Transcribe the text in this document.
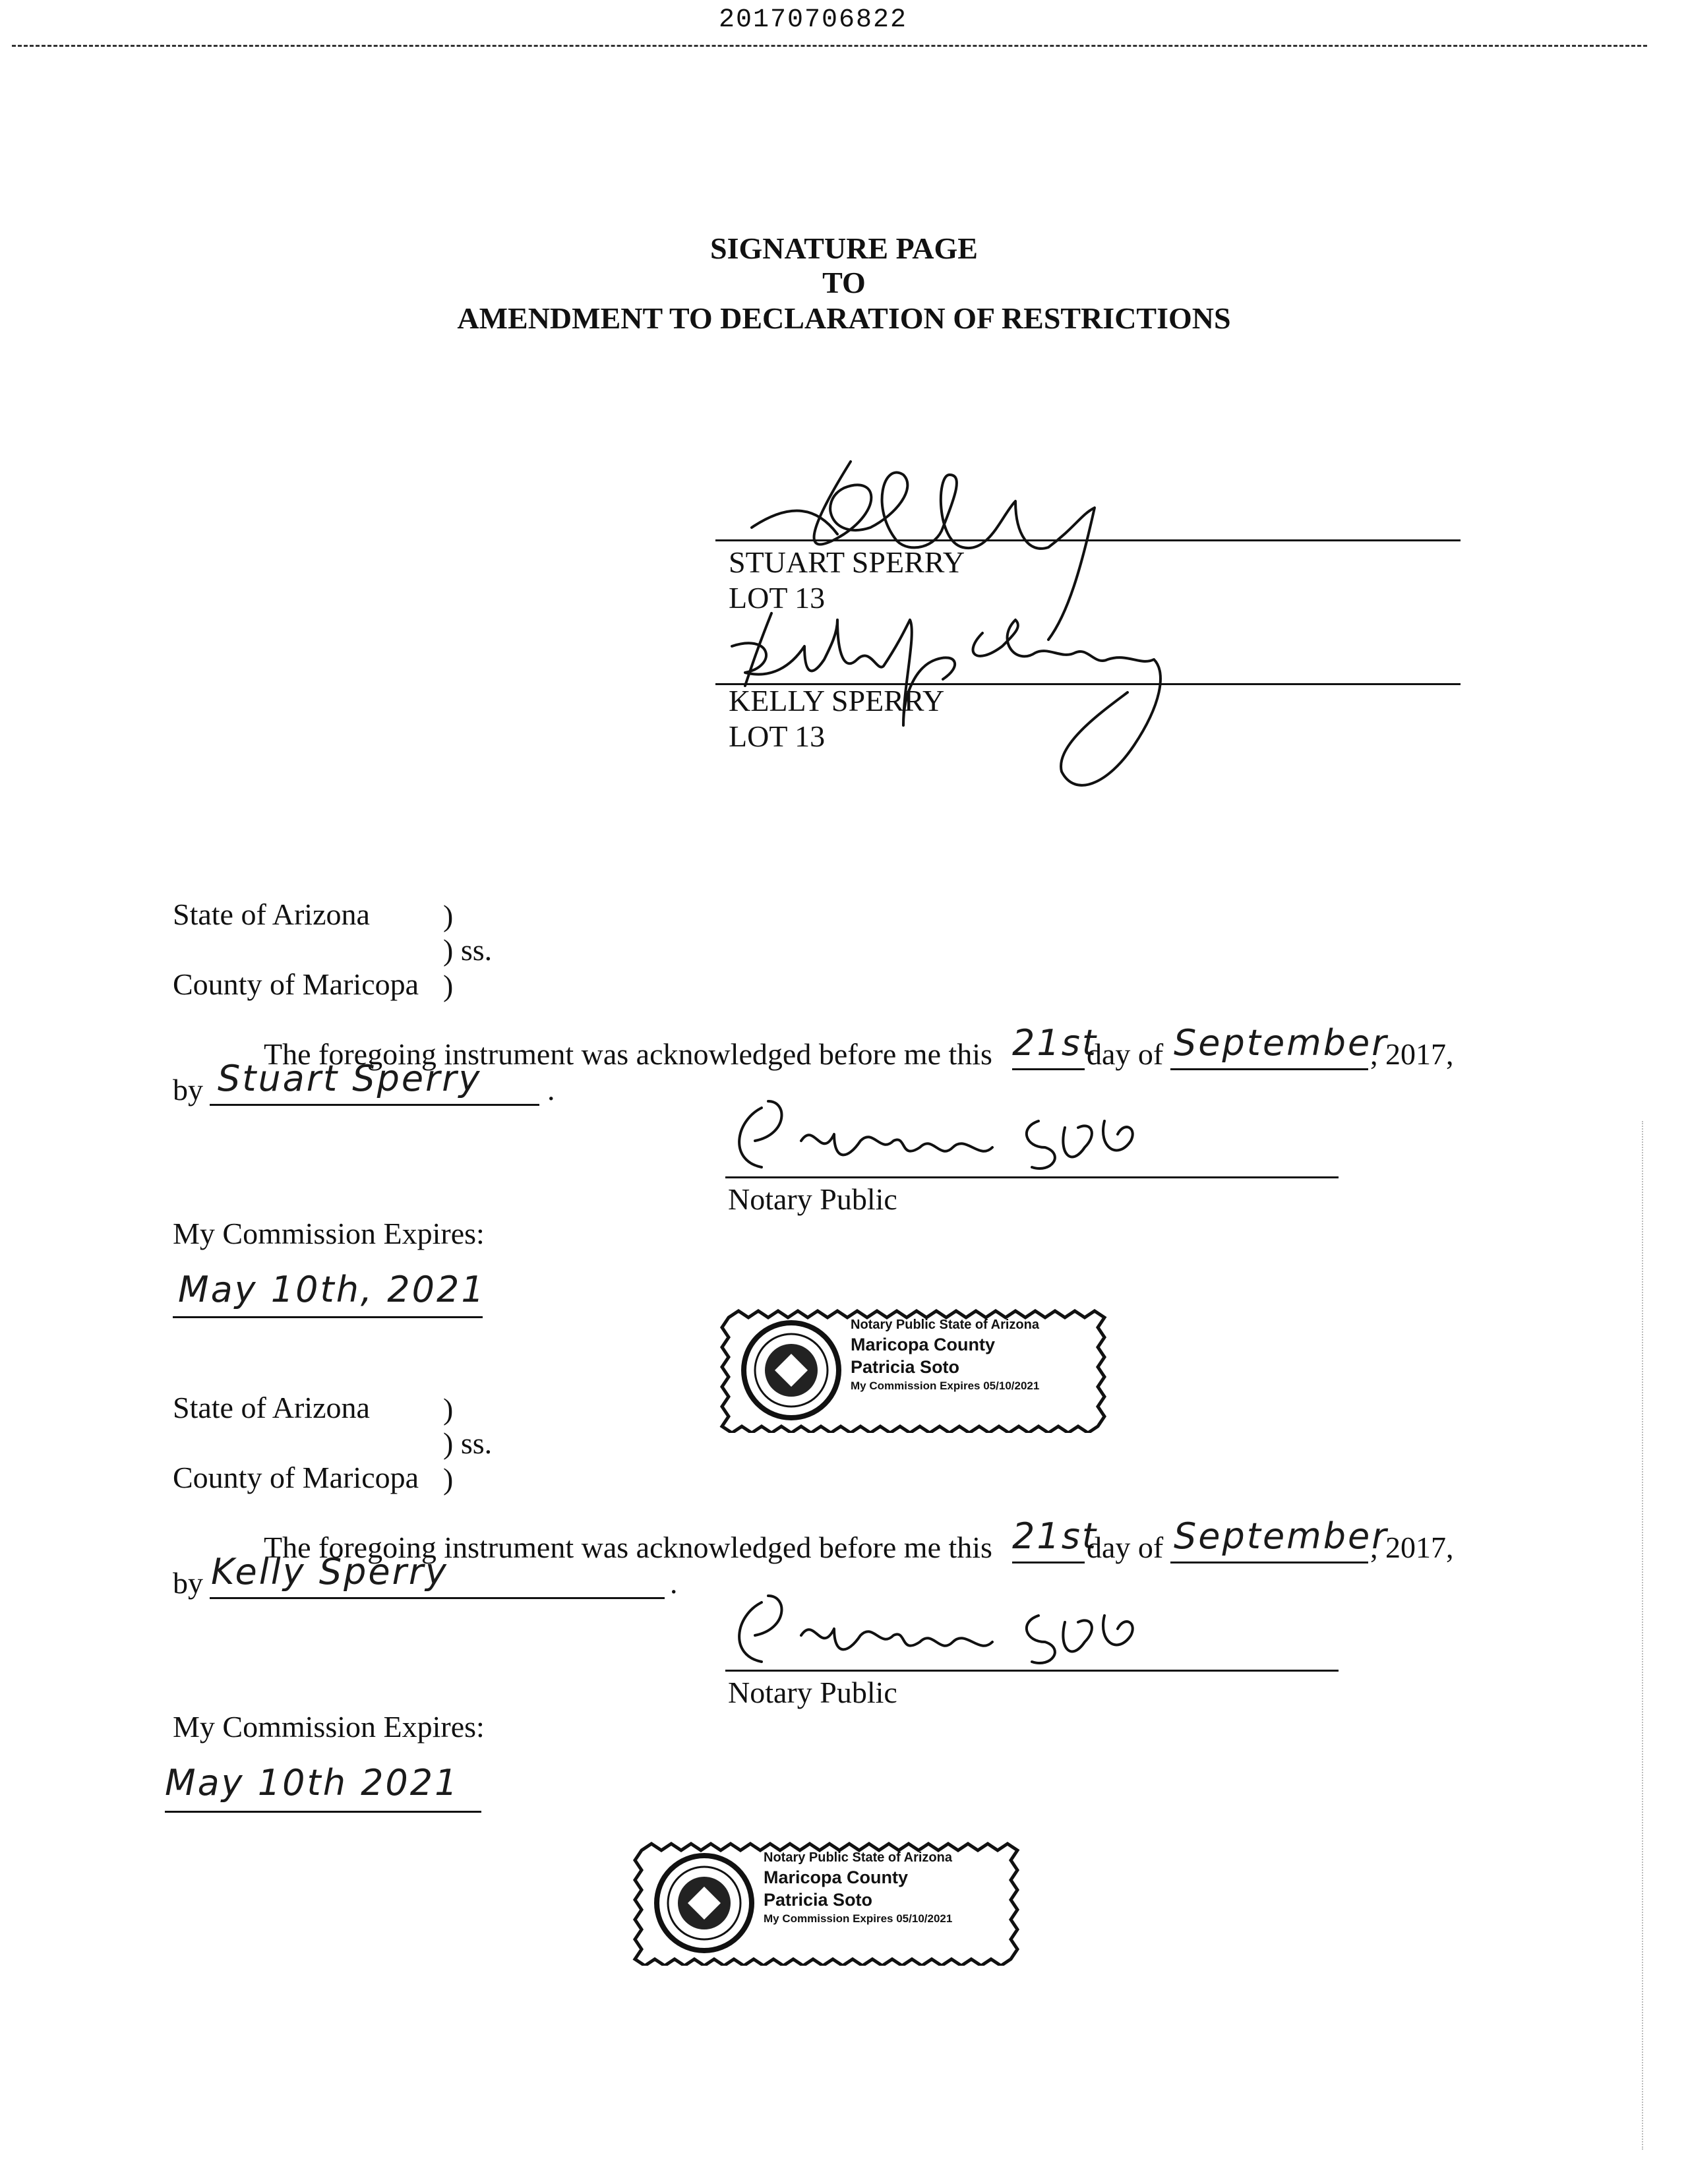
20170706822
SIGNATURE PAGE
TO
AMENDMENT TO DECLARATION OF RESTRICTIONS
STUART SPERRY
LOT 13
KELLY SPERRY
LOT 13
State of Arizona )
) ss.
County of Maricopa )
The foregoing instrument was acknowledged before me this 21st
day of September
, 2017,
by Stuart Sperry .
Notary Public
My Commission Expires:
May 10th, 2021
Notary Public State of Arizona
Maricopa County
Patricia Soto
My Commission Expires 05/10/2021
State of Arizona )
) ss.
County of Maricopa )
The foregoing instrument was acknowledged before me this 21st
day of September
, 2017,
by Kelly Sperry	.
Notary Public
My Commission Expires:
May 10th 2021
Notary Public State of Arizona
Maricopa County
Patricia Soto
My Commission Expires 05/10/2021
